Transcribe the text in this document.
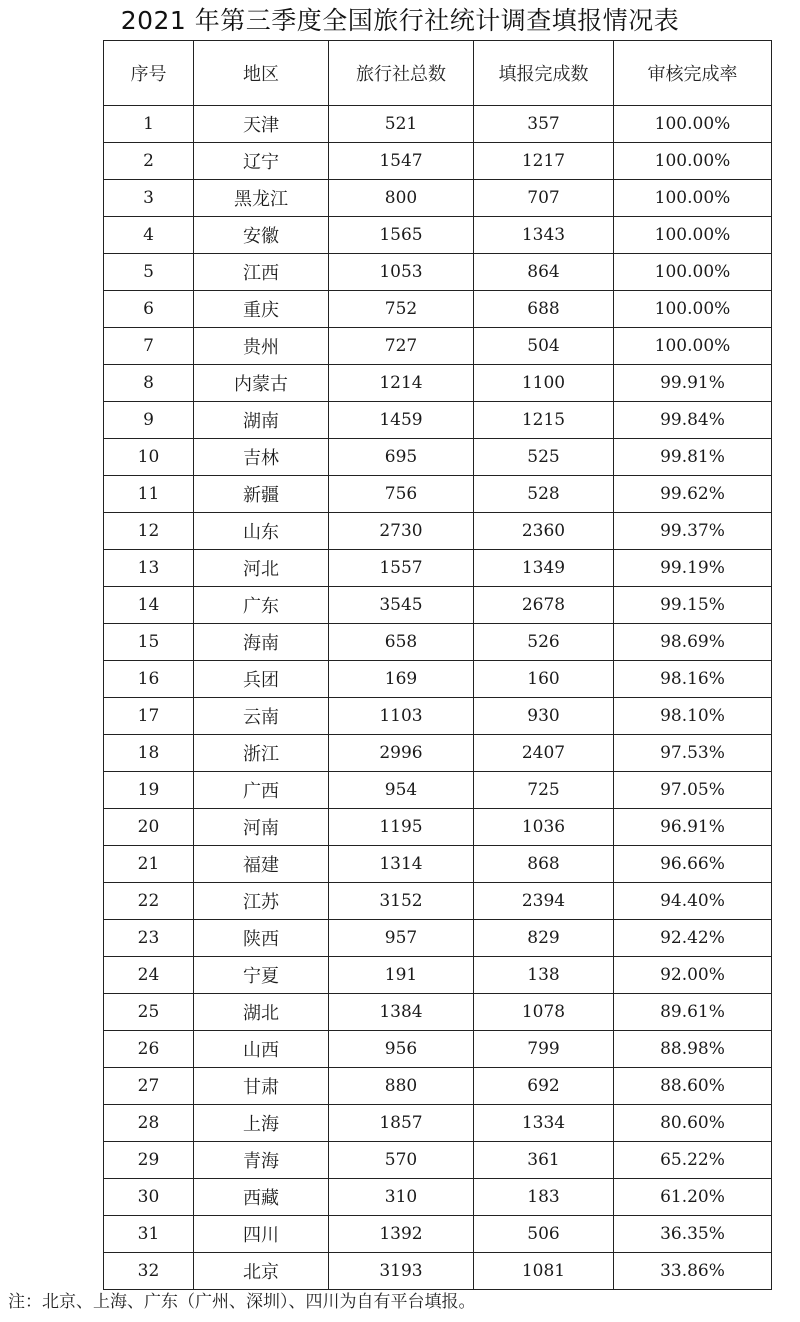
2021 年第三季度全国旅行社统计调查填报情况表
序号	地区	旅行社总数	填报完成数	审核完成率
1	天津	521	357	100.00%
2	辽宁	1547	1217	100.00%
3	黑龙江	800	707	100.00%
4	安徽	1565	1343	100.00%
5	江西	1053	864	100.00%
6	重庆	752	688	100.00%
7	贵州	727	504	100.00%
8	内蒙古	1214	1100	99.91%
9	湖南	1459	1215	99.84%
10	吉林	695	525	99.81%
11	新疆	756	528	99.62%
12	山东	2730	2360	99.37%
13	河北	1557	1349	99.19%
14	广东	3545	2678	99.15%
15	海南	658	526	98.69%
16	兵团	169	160	98.16%
17	云南	1103	930	98.10%
18	浙江	2996	2407	97.53%
19	广西	954	725	97.05%
20	河南	1195	1036	96.91%
21	福建	1314	868	96.66%
22	江苏	3152	2394	94.40%
23	陕西	957	829	92.42%
24	宁夏	191	138	92.00%
25	湖北	1384	1078	89.61%
26	山西	956	799	88.98%
27	甘肃	880	692	88.60%
28	上海	1857	1334	80.60%
29	青海	570	361	65.22%
30	西藏	310	183	61.20%
31	四川	1392	506	36.35%
32	北京	3193	1081	33.86%
注：北京、上海、广东（广州、深圳）、四川为自有平台填报。
